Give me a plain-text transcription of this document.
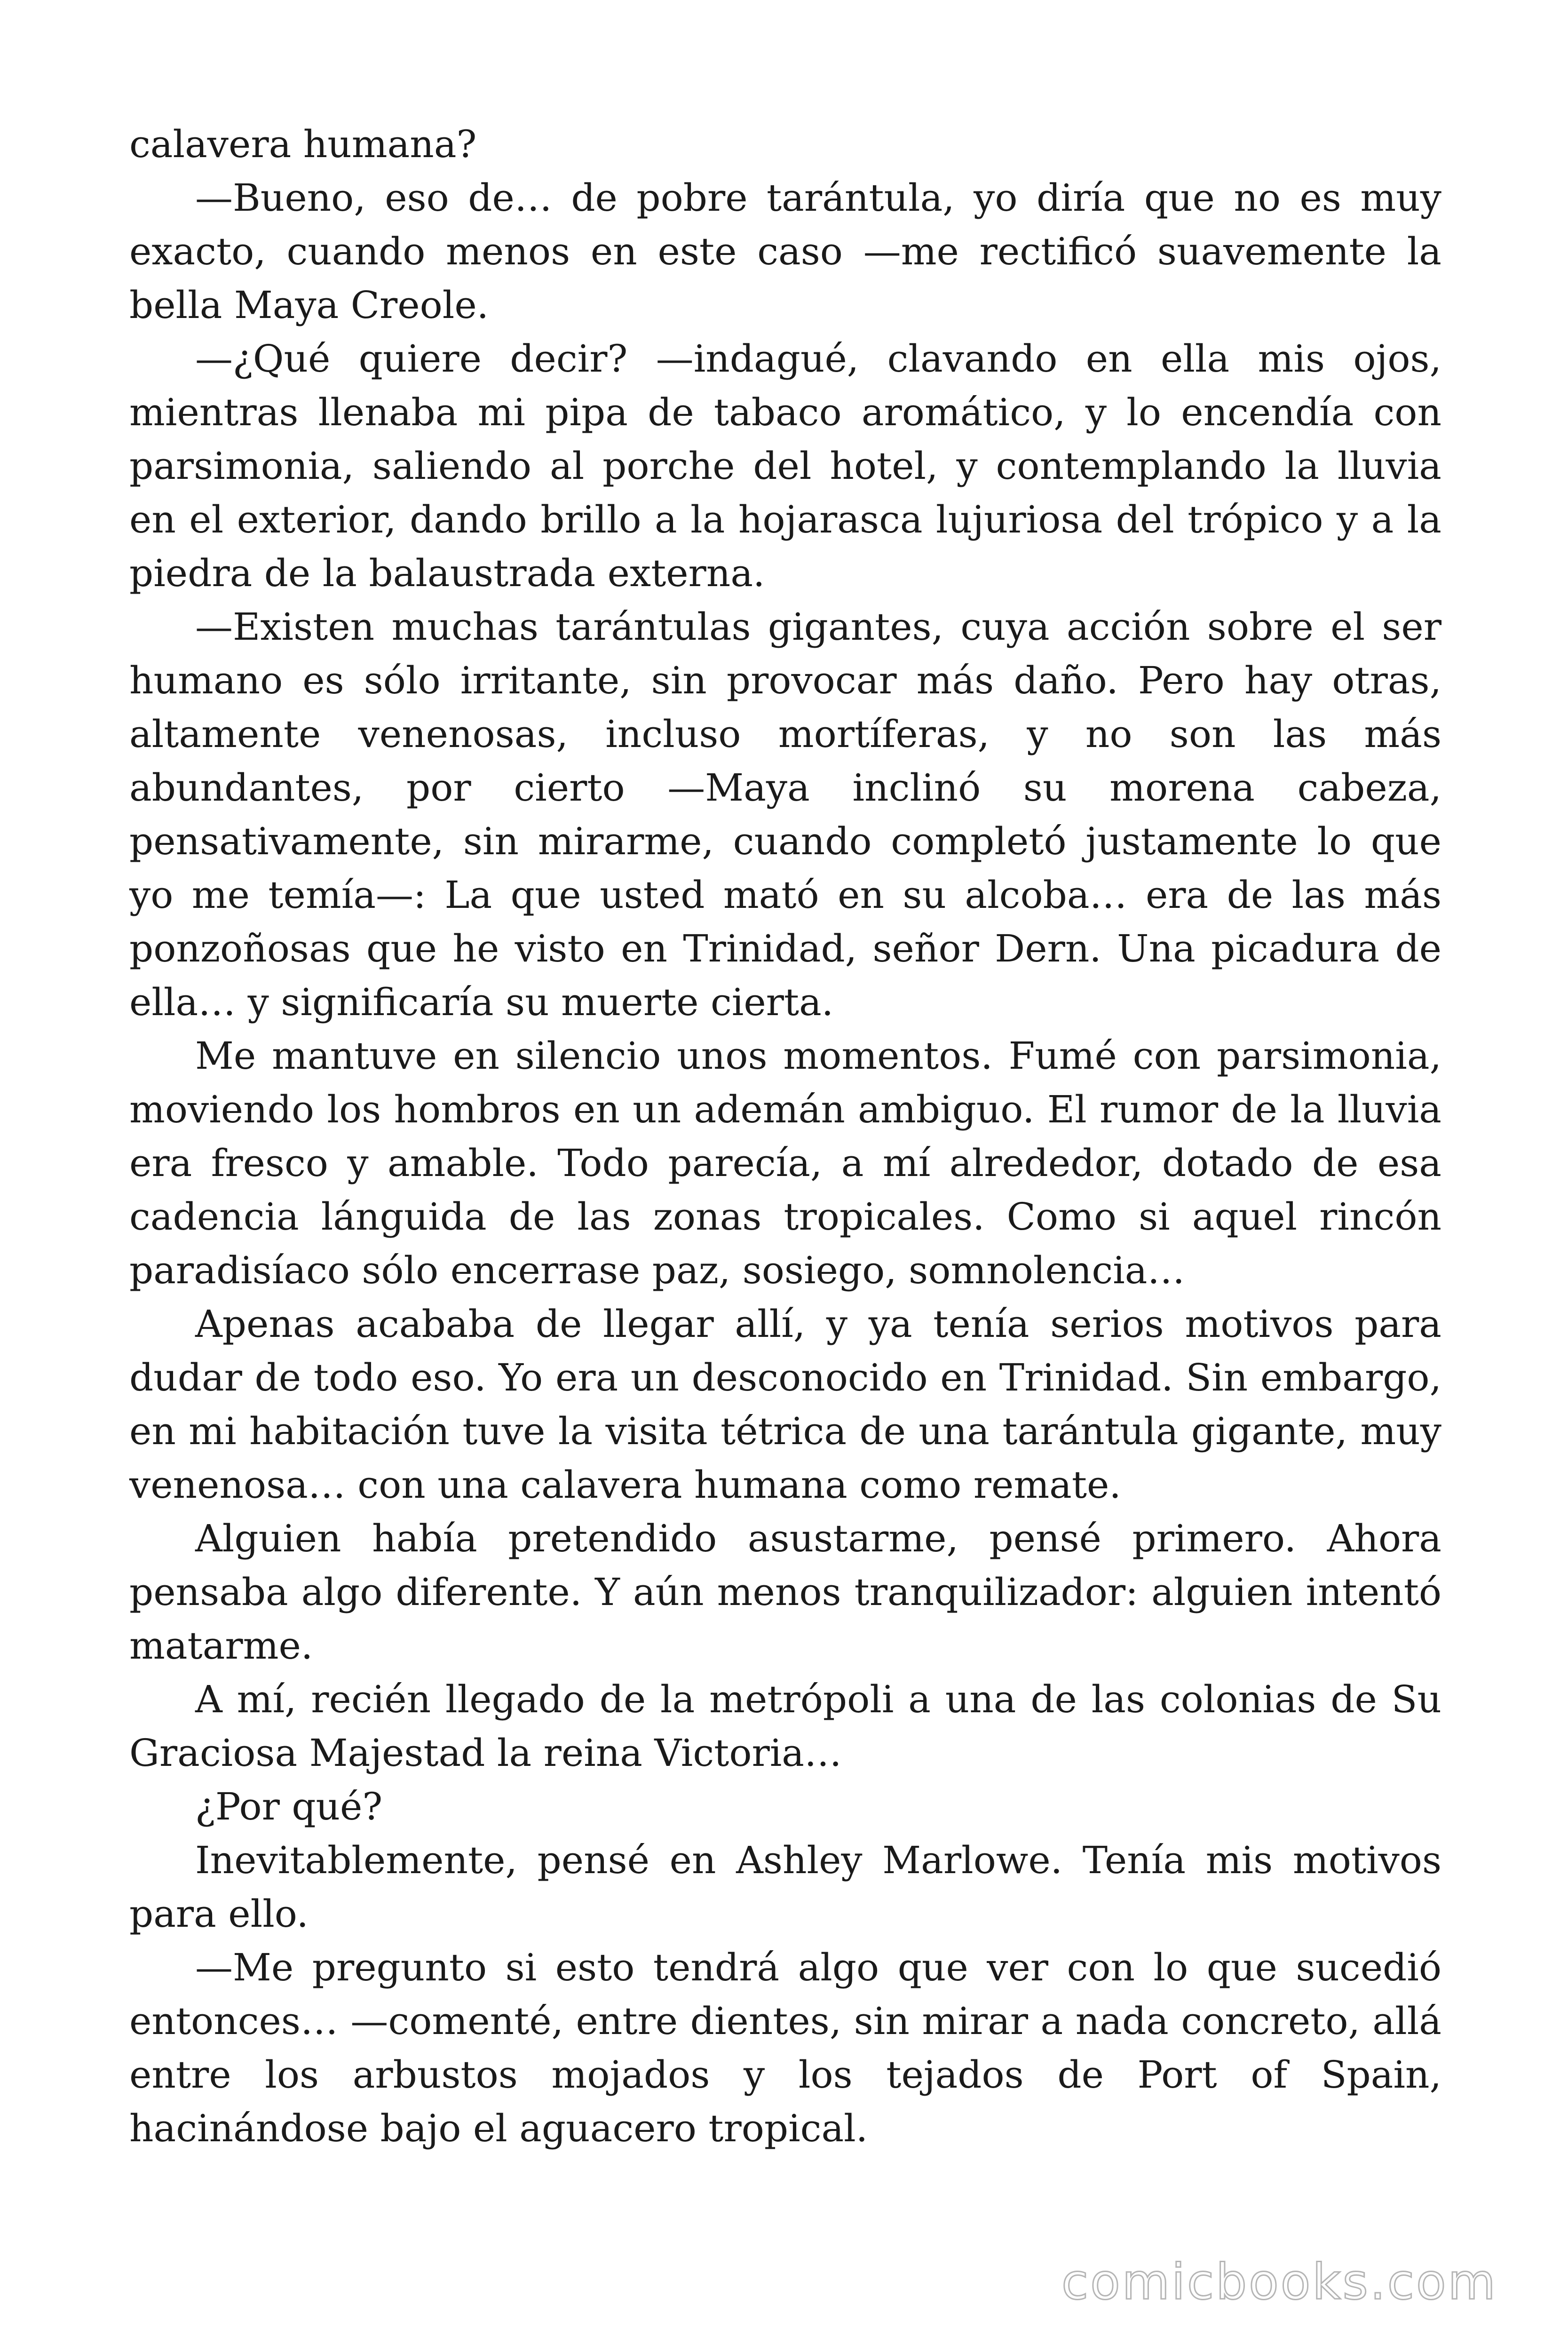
calavera humana?

—Bueno, eso de… de pobre tarántula, yo diría que no es muy exacto, cuando menos en este caso —me rectificó suavemente la bella Maya Creole.

—¿Qué quiere decir? —indagué, clavando en ella mis ojos, mientras llenaba mi pipa de tabaco aromático, y lo encendía con parsimonia, saliendo al porche del hotel, y contemplando la lluvia en el exterior, dando brillo a la hojarasca lujuriosa del trópico y a la piedra de la balaustrada externa.

—Existen muchas tarántulas gigantes, cuya acción sobre el ser humano es sólo irritante, sin provocar más daño. Pero hay otras, altamente venenosas, incluso mortíferas, y no son las más abundantes, por cierto —Maya inclinó su morena cabeza, pensativamente, sin mirarme, cuando completó justamente lo que yo me temía—: La que usted mató en su alcoba… era de las más ponzoñosas que he visto en Trinidad, señor Dern. Una picadura de ella… y significaría su muerte cierta.

Me mantuve en silencio unos momentos. Fumé con parsimonia, moviendo los hombros en un ademán ambiguo. El rumor de la lluvia era fresco y amable. Todo parecía, a mí alrededor, dotado de esa cadencia lánguida de las zonas tropicales. Como si aquel rincón paradisíaco sólo encerrase paz, sosiego, somnolencia…

Apenas acababa de llegar allí, y ya tenía serios motivos para dudar de todo eso. Yo era un desconocido en Trinidad. Sin embargo, en mi habitación tuve la visita tétrica de una tarántula gigante, muy venenosa… con una calavera humana como remate.

Alguien había pretendido asustarme, pensé primero. Ahora pensaba algo diferente. Y aún menos tranquilizador: alguien intentó matarme.

A mí, recién llegado de la metrópoli a una de las colonias de Su Graciosa Majestad la reina Victoria…

¿Por qué?

Inevitablemente, pensé en Ashley Marlowe. Tenía mis motivos para ello.

—Me pregunto si esto tendrá algo que ver con lo que sucedió entonces… —comenté, entre dientes, sin mirar a nada concreto, allá entre los arbustos mojados y los tejados de Port of Spain, hacinándose bajo el aguacero tropical.

comicbooks.com
